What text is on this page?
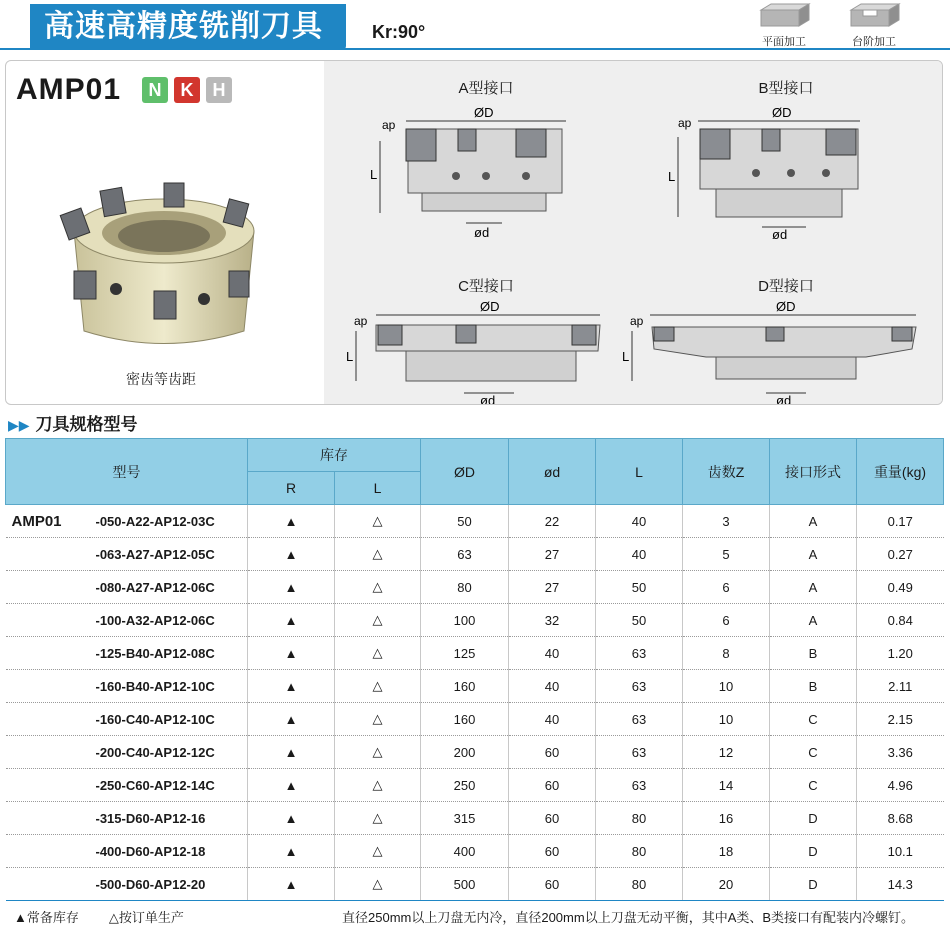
高速高精度铣削刀具	Kr:90°	平面加工	台阶加工
AMP01	N	K	H
密齿等齿距
A型接口
ØD
L
ap
ød
B型接口
ØD
L
ap
ød
C型接口
ØD
L
ap
ød
D型接口
ØD
L
ap
ød
▶▶ 刀具规格型号
型号		库存		ØD	ød	L	齿数Z	接口形式	重量(kg)
		R	L						
AMP01	-050-A22-AP12-03C	▲	△	50	22	40	3	A	0.17
	-063-A27-AP12-05C	▲	△	63	27	40	5	A	0.27
	-080-A27-AP12-06C	▲	△	80	27	50	6	A	0.49
	-100-A32-AP12-06C	▲	△	100	32	50	6	A	0.84
	-125-B40-AP12-08C	▲	△	125	40	63	8	B	1.20
	-160-B40-AP12-10C	▲	△	160	40	63	10	B	2.11
	-160-C40-AP12-10C	▲	△	160	40	63	10	C	2.15
	-200-C40-AP12-12C	▲	△	200	60	63	12	C	3.36
	-250-C60-AP12-14C	▲	△	250	60	63	14	C	4.96
	-315-D60-AP12-16	▲	△	315	60	80	16	D	8.68
	-400-D60-AP12-18	▲	△	400	60	80	18	D	10.1
	-500-D60-AP12-20	▲	△	500	60	80	20	D	14.3
▲常备库存 △按订单生产	直径250mm以上刀盘无内冷，直径200mm以上刀盘无动平衡，其中A类、B类接口有配装内冷螺钉。
